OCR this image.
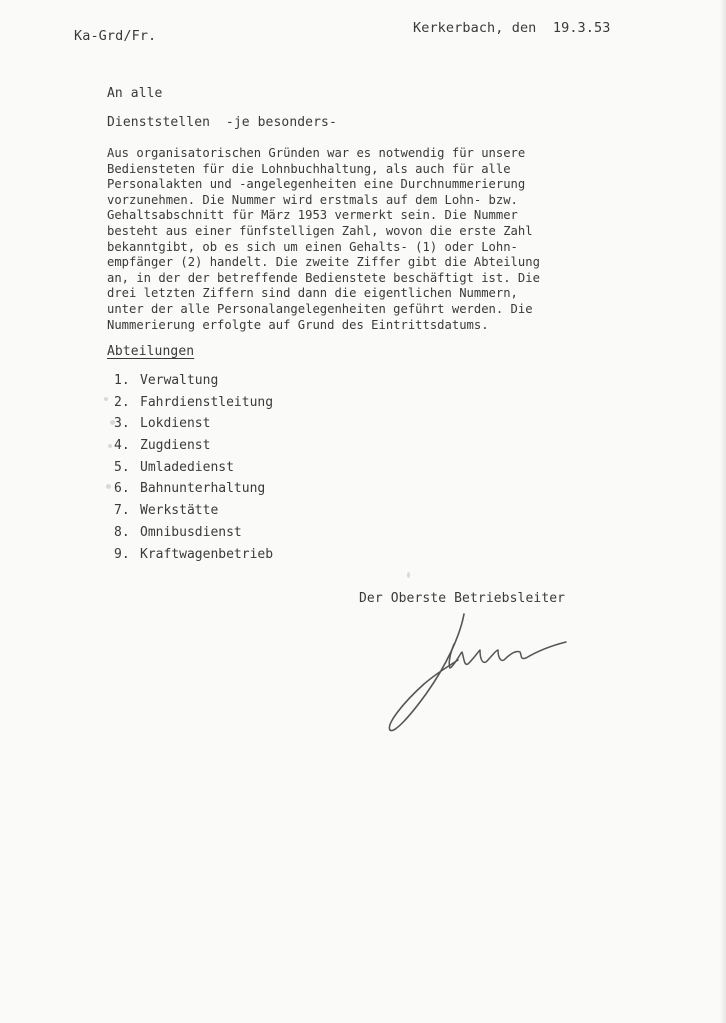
Ka-Grd/Fr.	Kerkerbach, den  19.3.53
An alle
Dienststellen  -je besonders-
Aus organisatorischen Gründen war es notwendig für unsere
Bediensteten für die Lohnbuchhaltung, als auch für alle
Personalakten und -angelegenheiten eine Durchnummerierung
vorzunehmen. Die Nummer wird erstmals auf dem Lohn- bzw.
Gehaltsabschnitt für März 1953 vermerkt sein. Die Nummer
besteht aus einer fünfstelligen Zahl, wovon die erste Zahl
bekanntgibt, ob es sich um einen Gehalts- (1) oder Lohn-
empfänger (2) handelt. Die zweite Ziffer gibt die Abteilung
an, in der der betreffende Bedienstete beschäftigt ist. Die
drei letzten Ziffern sind dann die eigentlichen Nummern,
unter der alle Personalangelegenheiten geführt werden. Die
Nummerierung erfolgte auf Grund des Eintrittsdatums.
Abteilungen
1. Verwaltung
2. Fahrdienstleitung
3. Lokdienst
4. Zugdienst
5. Umladedienst
6. Bahnunterhaltung
7. Werkstätte
8. Omnibusdienst
9. Kraftwagenbetrieb
Der Oberste Betriebsleiter
